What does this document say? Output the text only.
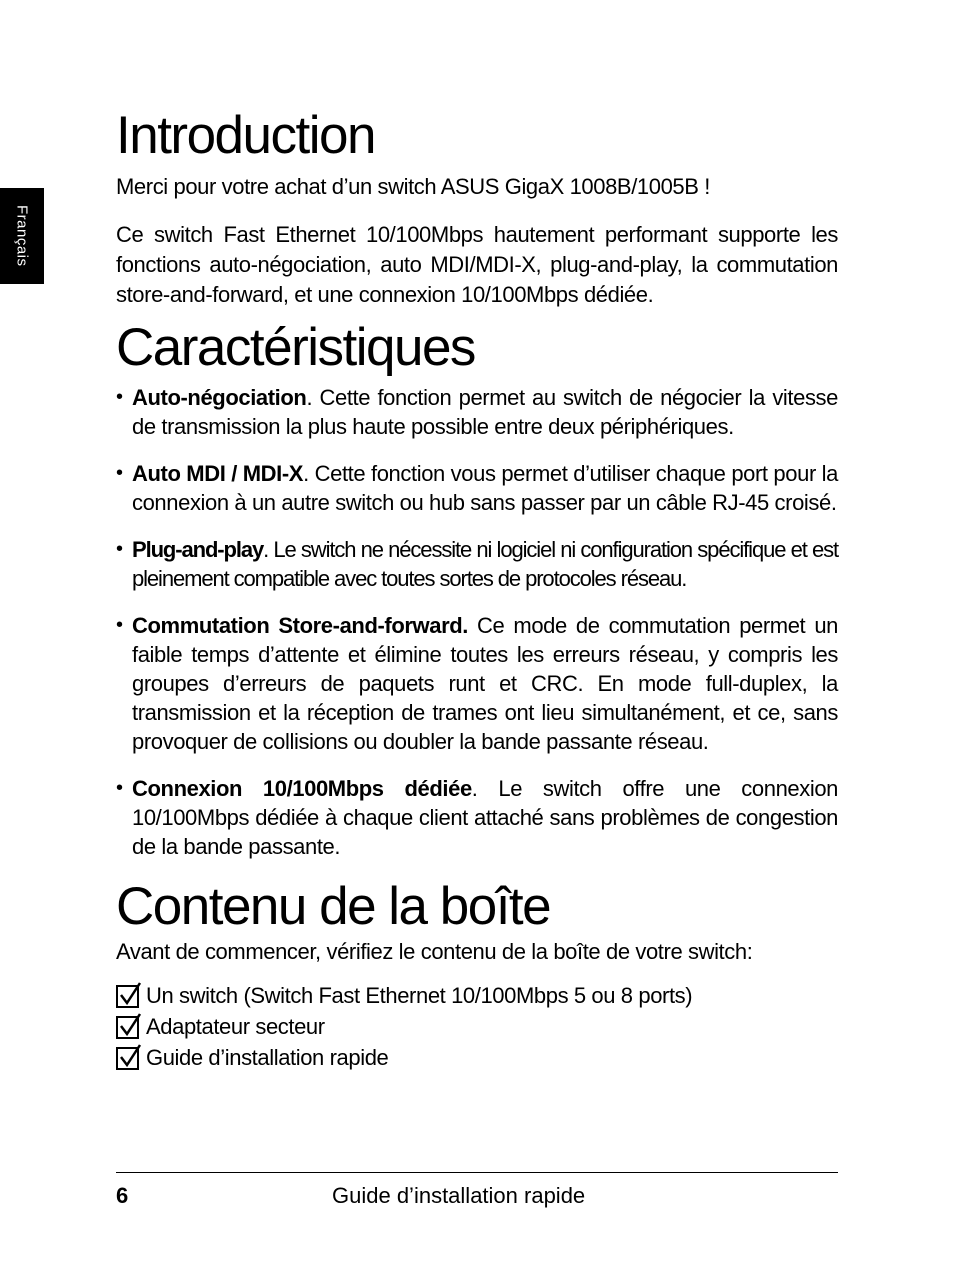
Français
Introduction

Merci pour votre achat d’un switch ASUS GigaX 1008B/1005B !

Ce switch Fast Ethernet 10/100Mbps hautement performant supporte les fonctions auto-négociation, auto MDI/MDI-X, plug-and-play, la commutation store-and-forward, et une connexion 10/100Mbps dédiée.

Caractéristiques
• Auto-négociation. Cette fonction permet au switch de négocier la vitesse de transmission la plus haute possible entre deux périphériques.
• Auto MDI / MDI-X. Cette fonction vous permet d’utiliser chaque port pour la connexion à un autre switch ou hub sans passer par un câble RJ-45 croisé.
• Plug-and-play. Le switch ne nécessite ni logiciel ni configuration spécifique et est pleinement compatible avec toutes sortes de protocoles réseau.
• Commutation Store-and-forward. Ce mode de commutation permet un faible temps d’attente et élimine toutes les erreurs réseau, y compris les groupes d’erreurs de paquets runt et CRC. En mode full-duplex, la transmission et la réception de trames ont lieu simultanément, et ce, sans provoquer de collisions ou doubler la bande passante réseau.
• Connexion 10/100Mbps dédiée. Le switch offre une connexion 10/100Mbps dédiée à chaque client attaché sans problèmes de congestion de la bande passante.
Contenu de la boîte

Avant de commencer, vérifiez le contenu de la boîte de votre switch:

Un switch (Switch Fast Ethernet 10/100Mbps 5 ou 8 ports)
Adaptateur secteur
Guide d’installation rapide
6	Guide d’installation rapide
